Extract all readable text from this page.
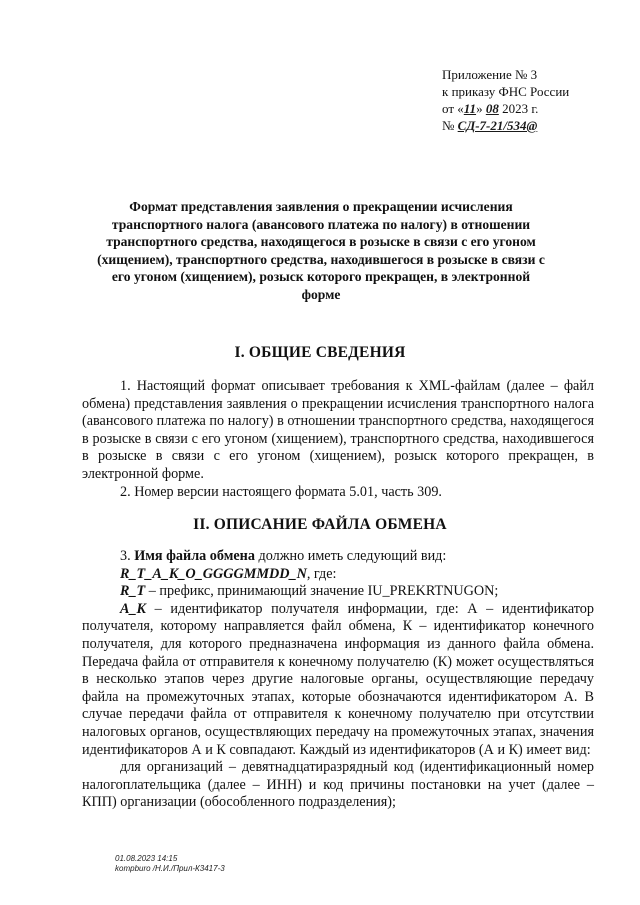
Приложение № 3
к приказу ФНС России
от «11» 08 2023 г.
№ СД-7-21/534@
Формат представления заявления о прекращении исчисления транспортного налога (авансового платежа по налогу) в отношении транспортного средства, находящегося в розыске в связи с его угоном (хищением), транспортного средства, находившегося в розыске в связи с его угоном (хищением), розыск которого прекращен, в электронной форме
I. ОБЩИЕ СВЕДЕНИЯ

1. Настоящий формат описывает требования к XML-файлам (далее – файл обмена) представления заявления о прекращении исчисления транспортного налога (авансового платежа по налогу) в отношении транспортного средства, находящегося в розыске в связи с его угоном (хищением), транспортного средства, находившегося в розыске в связи с его угоном (хищением), розыск которого прекращен, в электронной форме.

2. Номер версии настоящего формата 5.01, часть 309.

II. ОПИСАНИЕ ФАЙЛА ОБМЕНА

3. Имя файла обмена должно иметь следующий вид:

R_T_A_K_O_GGGGMMDD_N, где:

R_T – префикс, принимающий значение IU_PREKRTNUGON;

A_K – идентификатор получателя информации, где: А – идентификатор получателя, которому направляется файл обмена, К – идентификатор конечного получателя, для которого предназначена информация из данного файла обмена. Передача файла от отправителя к конечному получателю (К) может осуществляться в несколько этапов через другие налоговые органы, осуществляющие передачу файла на промежуточных этапах, которые обозначаются идентификатором А. В случае передачи файла от отправителя к конечному получателю при отсутствии налоговых органов, осуществляющих передачу на промежуточных этапах, значения идентификаторов А и К совпадают. Каждый из идентификаторов (А и К) имеет вид:

для организаций – девятнадцатиразрядный код (идентификационный номер налогоплательщика (далее – ИНН) и код причины постановки на учет (далее – КПП) организации (обособленного подразделения);

01.08.2023 14:15
kompburo /Н.И./Прил-К3417-3
